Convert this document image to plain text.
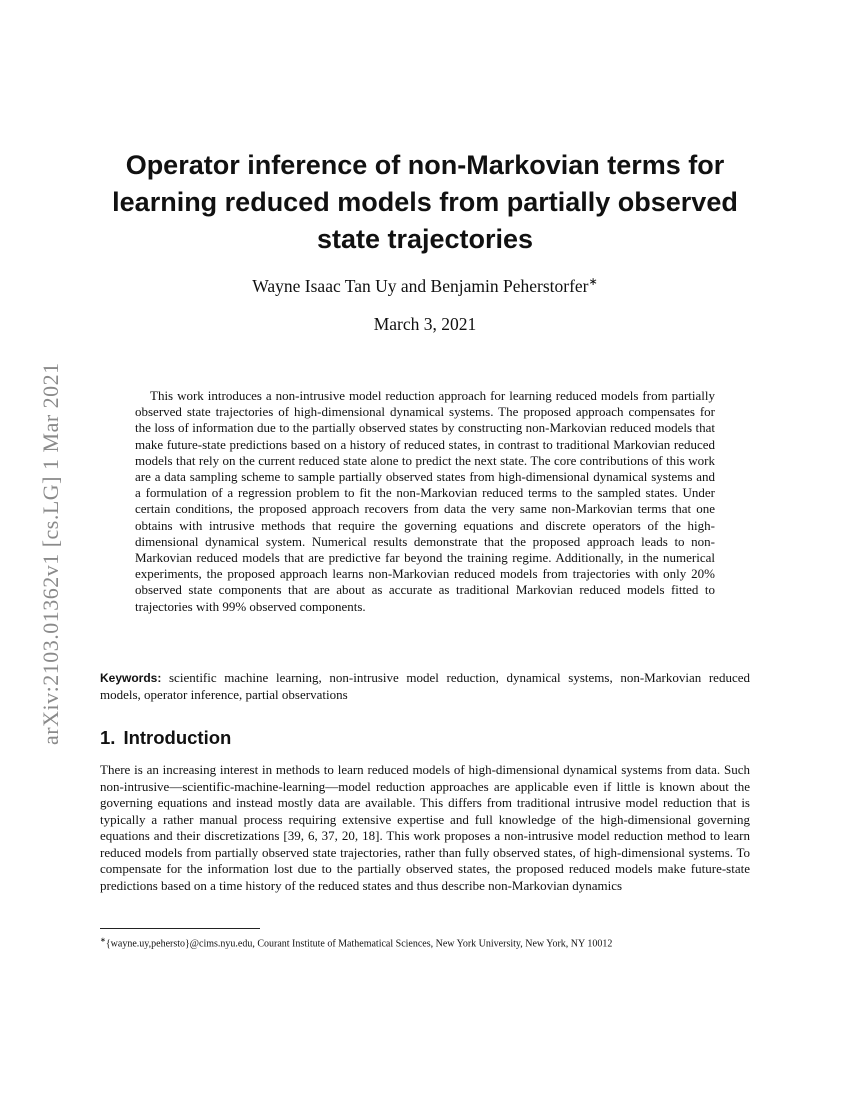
arXiv:2103.01362v1 [cs.LG] 1 Mar 2021
Operator inference of non-Markovian terms for learning reduced models from partially observed state trajectories
Wayne Isaac Tan Uy and Benjamin Peherstorfer∗
March 3, 2021

This work introduces a non-intrusive model reduction approach for learning reduced models from partially observed state trajectories of high-dimensional dynamical systems. The proposed approach compensates for the loss of information due to the partially observed states by constructing non-Markovian reduced models that make future-state predictions based on a history of reduced states, in contrast to traditional Markovian reduced models that rely on the current reduced state alone to predict the next state. The core contributions of this work are a data sampling scheme to sample partially observed states from high-dimensional dynamical systems and a formulation of a regression problem to fit the non-Markovian reduced terms to the sampled states. Under certain conditions, the proposed approach recovers from data the very same non-Markovian terms that one obtains with intrusive methods that require the governing equations and discrete operators of the high-dimensional dynamical system. Numerical results demonstrate that the proposed approach leads to non-Markovian reduced models that are predictive far beyond the training regime. Additionally, in the numerical experiments, the proposed approach learns non-Markovian reduced models from trajectories with only 20% observed state components that are about as accurate as traditional Markovian reduced models fitted to trajectories with 99% observed components.

Keywords: scientific machine learning, non-intrusive model reduction, dynamical systems, non-Markovian reduced models, operator inference, partial observations

1. Introduction

There is an increasing interest in methods to learn reduced models of high-dimensional dynamical systems from data. Such non-intrusive—scientific-machine-learning—model reduction approaches are applicable even if little is known about the governing equations and instead mostly data are available. This differs from traditional intrusive model reduction that is typically a rather manual process requiring extensive expertise and full knowledge of the high-dimensional governing equations and their discretizations [39, 6, 37, 20, 18]. This work proposes a non-intrusive model reduction method to learn reduced models from partially observed state trajectories, rather than fully observed states, of high-dimensional systems. To compensate for the information lost due to the partially observed states, the proposed reduced models make future-state predictions based on a time history of the reduced states and thus describe non-Markovian dynamics

∗{wayne.uy,pehersto}@cims.nyu.edu, Courant Institute of Mathematical Sciences, New York University, New York, NY 10012
